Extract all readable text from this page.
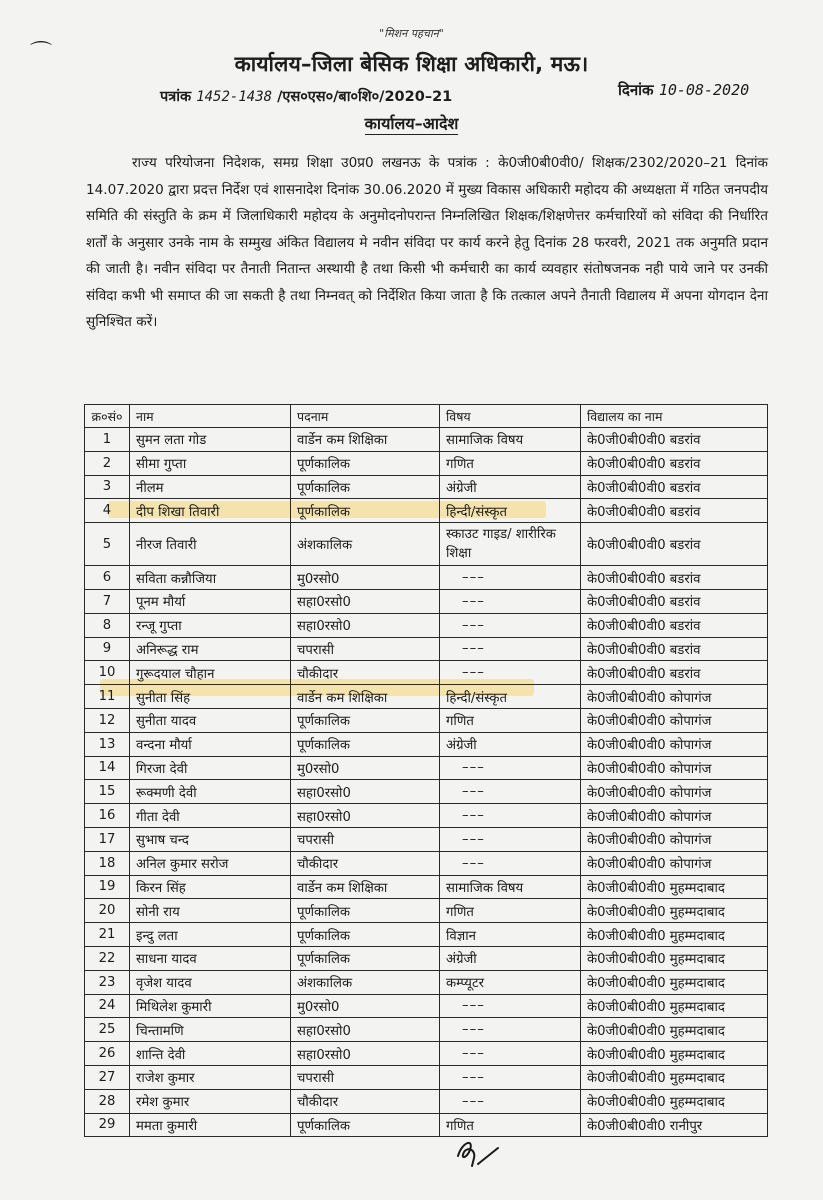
⌒
"मिशन पहचान"
कार्यालय–जिला बेसिक शिक्षा अधिकारी, मऊ।
पत्रांक 1452-1438 /एस०एस०/बा०शि०/2020–21	दिनांक 10-08-2020
कार्यालय–आदेश
राज्य परियोजना निदेशक, समग्र शिक्षा उ0प्र0 लखनऊ के पत्रांक : के0जी0बी0वी0/ शिक्षक/2302/2020–21 दिनांक 14.07.2020 द्वारा प्रदत्त निर्देश एवं शासनादेश दिनांक 30.06.2020 में मुख्य विकास अधिकारी महोदय की अध्यक्षता में गठित जनपदीय समिति की संस्तुति के क्रम में जिलाधिकारी महोदय के अनुमोदनोपरान्त निम्नलिखित शिक्षक/शिक्षणेत्तर कर्मचारियों को संविदा की निर्धारित शर्तों के अनुसार उनके नाम के सम्मुख अंकित विद्यालय मे नवीन संविदा पर कार्य करने हेतु दिनांक 28 फरवरी, 2021 तक अनुमति प्रदान की जाती है। नवीन संविदा पर तैनाती नितान्त अस्थायी है तथा किसी भी कर्मचारी का कार्य व्यवहार संतोषजनक नही पाये जाने पर उनकी संविदा कभी भी समाप्त की जा सकती है तथा निम्नवत् को निर्देशित किया जाता है कि तत्काल अपने तैनाती विद्यालय में अपना योगदान देना सुनिश्चित करें।
क्र०सं०	नाम	पदनाम	विषय	विद्यालय का नाम
1	सुमन लता गोड	वार्डेन कम शिक्षिका	सामाजिक विषय	के0जी0बी0वी0 बडरांव
2	सीमा गुप्ता	पूर्णकालिक	गणित	के0जी0बी0वी0 बडरांव
3	नीलम	पूर्णकालिक	अंग्रेजी	के0जी0बी0वी0 बडरांव
4	दीप शिखा तिवारी	पूर्णकालिक	हिन्दी/संस्कृत	के0जी0बी0वी0 बडरांव
5	नीरज तिवारी	अंशकालिक	स्काउट गाइड/ शारीरिक शिक्षा	के0जी0बी0वी0 बडरांव
6	सविता कन्नौजिया	मु0रसो0	–––	के0जी0बी0वी0 बडरांव
7	पूनम मौर्या	सहा0रसो0	–––	के0जी0बी0वी0 बडरांव
8	रन्जू गुप्ता	सहा0रसो0	–––	के0जी0बी0वी0 बडरांव
9	अनिरूद्ध राम	चपरासी	–––	के0जी0बी0वी0 बडरांव
10	गुरूदयाल चौहान	चौकीदार	–––	के0जी0बी0वी0 बडरांव
11	सुनीता सिंह	वार्डेन कम शिक्षिका	हिन्दी/संस्कृत	के0जी0बी0वी0 कोपागंज
12	सुनीता यादव	पूर्णकालिक	गणित	के0जी0बी0वी0 कोपागंज
13	वन्दना मौर्या	पूर्णकालिक	अंग्रेजी	के0जी0बी0वी0 कोपागंज
14	गिरजा देवी	मु0रसो0	–––	के0जी0बी0वी0 कोपागंज
15	रूक्मणी देवी	सहा0रसो0	–––	के0जी0बी0वी0 कोपागंज
16	गीता देवी	सहा0रसो0	–––	के0जी0बी0वी0 कोपागंज
17	सुभाष चन्द	चपरासी	–––	के0जी0बी0वी0 कोपागंज
18	अनिल कुमार सरोज	चौकीदार	–––	के0जी0बी0वी0 कोपागंज
19	किरन सिंह	वार्डेन कम शिक्षिका	सामाजिक विषय	के0जी0बी0वी0 मुहम्मदाबाद
20	सोनी राय	पूर्णकालिक	गणित	के0जी0बी0वी0 मुहम्मदाबाद
21	इन्दु लता	पूर्णकालिक	विज्ञान	के0जी0बी0वी0 मुहम्मदाबाद
22	साधना यादव	पूर्णकालिक	अंग्रेजी	के0जी0बी0वी0 मुहम्मदाबाद
23	वृजेश यादव	अंशकालिक	कम्प्यूटर	के0जी0बी0वी0 मुहम्मदाबाद
24	मिथिलेश कुमारी	मु0रसो0	–––	के0जी0बी0वी0 मुहम्मदाबाद
25	चिन्तामणि	सहा0रसो0	–––	के0जी0बी0वी0 मुहम्मदाबाद
26	शान्ति देवी	सहा0रसो0	–––	के0जी0बी0वी0 मुहम्मदाबाद
27	राजेश कुमार	चपरासी	–––	के0जी0बी0वी0 मुहम्मदाबाद
28	रमेश कुमार	चौकीदार	–––	के0जी0बी0वी0 मुहम्मदाबाद
29	ममता कुमारी	पूर्णकालिक	गणित	के0जी0बी0वी0 रानीपुर
